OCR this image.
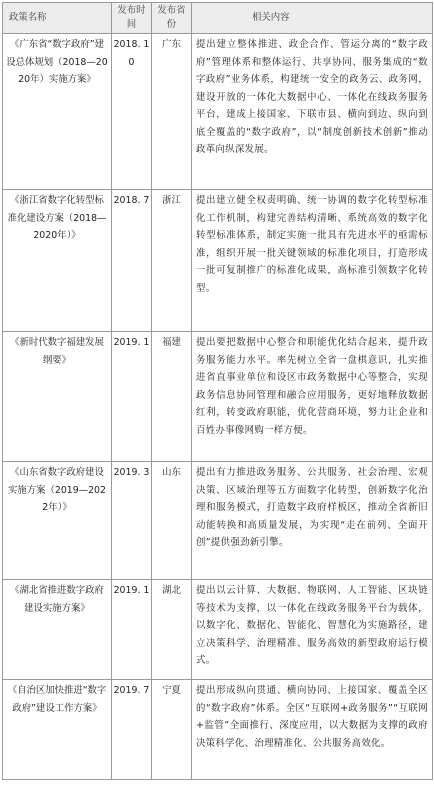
政策名称	发布时间	发布省份	相关内容
《广东省“数字政府”建设总体规划（2018—2020年）实施方案》	2018. 10	广东	提出建立整体推进、政企合作、管运分离的“数字政府”管理体系和整体运行、共享协同、服务集成的“数字政府”业务体系，构建统一安全的政务云、政务网，建设开放的一体化大数据中心、一体化在线政务服务平台，建成上接国家、下联市县、横向到边、纵向到底全覆盖的“数字政府”，以“制度创新技术创新”推动政革向纵深发展。
《浙江省数字化转型标准化建设方案（2018—2020年）》	2018. 7	浙江	提出建立健全权责明确、统一协调的数字化转型标准化工作机制，构建完善结构清晰、系统高效的数字化转型标准体系，制定实施一批具有先进水平的亟需标准，组织开展一批关键领域的标准化项目，打造形成一批可复制推广的标准化成果，高标准引领数字化转型。
《新时代数字福建发展纲要》	2019. 1	福建	提出要把数据中心整合和职能优化结合起来，提升政务服务能力水平。率先树立全省一盘棋意识，扎实推进省直事业单位和设区市政务数据中心等整合，实现政务信息协同管理和融合应用服务，更好地释放数据红利，转变政府职能，优化营商环境，努力让企业和百姓办事像网购一样方便。
《山东省数字政府建设实施方案（2019—2022年）》	2019. 3	山东	提出有力推进政务服务、公共服务、社会治理、宏观决策、区域治理等五方面数字化转型，创新数字化治理和服务模式，打造数字政府样板区，推动全省新旧动能转换和高质量发展，为实现“走在前列、全面开创”提供强劲新引擎。
《湖北省推进数字政府建设实施方案》	2019. 1	湖北	提出以云计算、大数据、物联网、人工智能、区块链等技术为支撑，以一体化在线政务服务平台为载体，以数字化、数据化、智能化、智慧化为实施路径，建立决策科学、治理精准、服务高效的新型政府运行模式。
《自治区加快推进“数字政府”建设工作方案》	2019. 7	宁夏	提出形成纵向贯通、横向协同、上接国家、覆盖全区的“数字政府”体系。全区“互联网+政务服务”“互联网+监管”全面推行、深度应用，以大数据为支撑的政府决策科学化、治理精准化、公共服务高效化。
